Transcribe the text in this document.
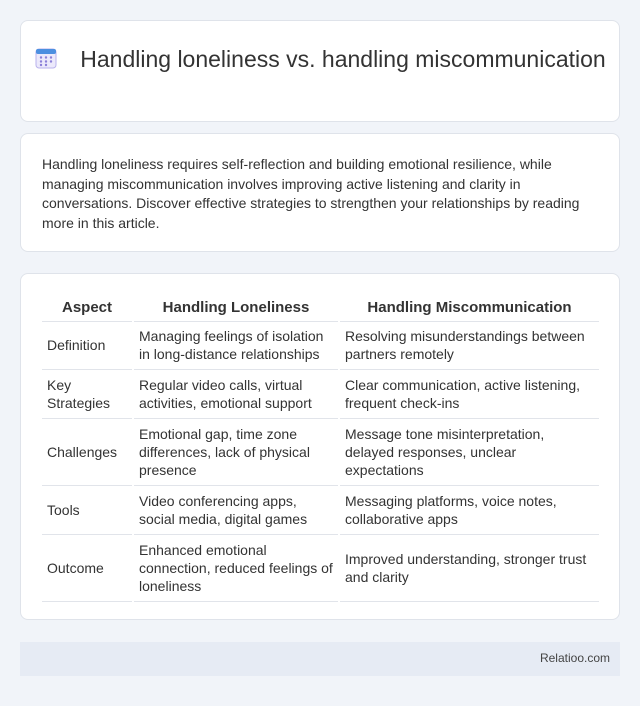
Handling loneliness vs. handling miscommunication

Handling loneliness requires self-reflection and building emotional resilience, while managing miscommunication involves improving active listening and clarity in conversations. Discover effective strategies to strengthen your relationships by reading more in this article.

Aspect	Handling Loneliness	Handling Miscommunication
Definition	Managing feelings of isolation in long-distance relationships	Resolving misunderstandings between partners remotely
Key Strategies	Regular video calls, virtual activities, emotional support	Clear communication, active listening, frequent check-ins
Challenges	Emotional gap, time zone differences, lack of physical presence	Message tone misinterpretation, delayed responses, unclear expectations
Tools	Video conferencing apps, social media, digital games	Messaging platforms, voice notes, collaborative apps
Outcome	Enhanced emotional connection, reduced feelings of loneliness	Improved understanding, stronger trust and clarity
Relatioo.com
